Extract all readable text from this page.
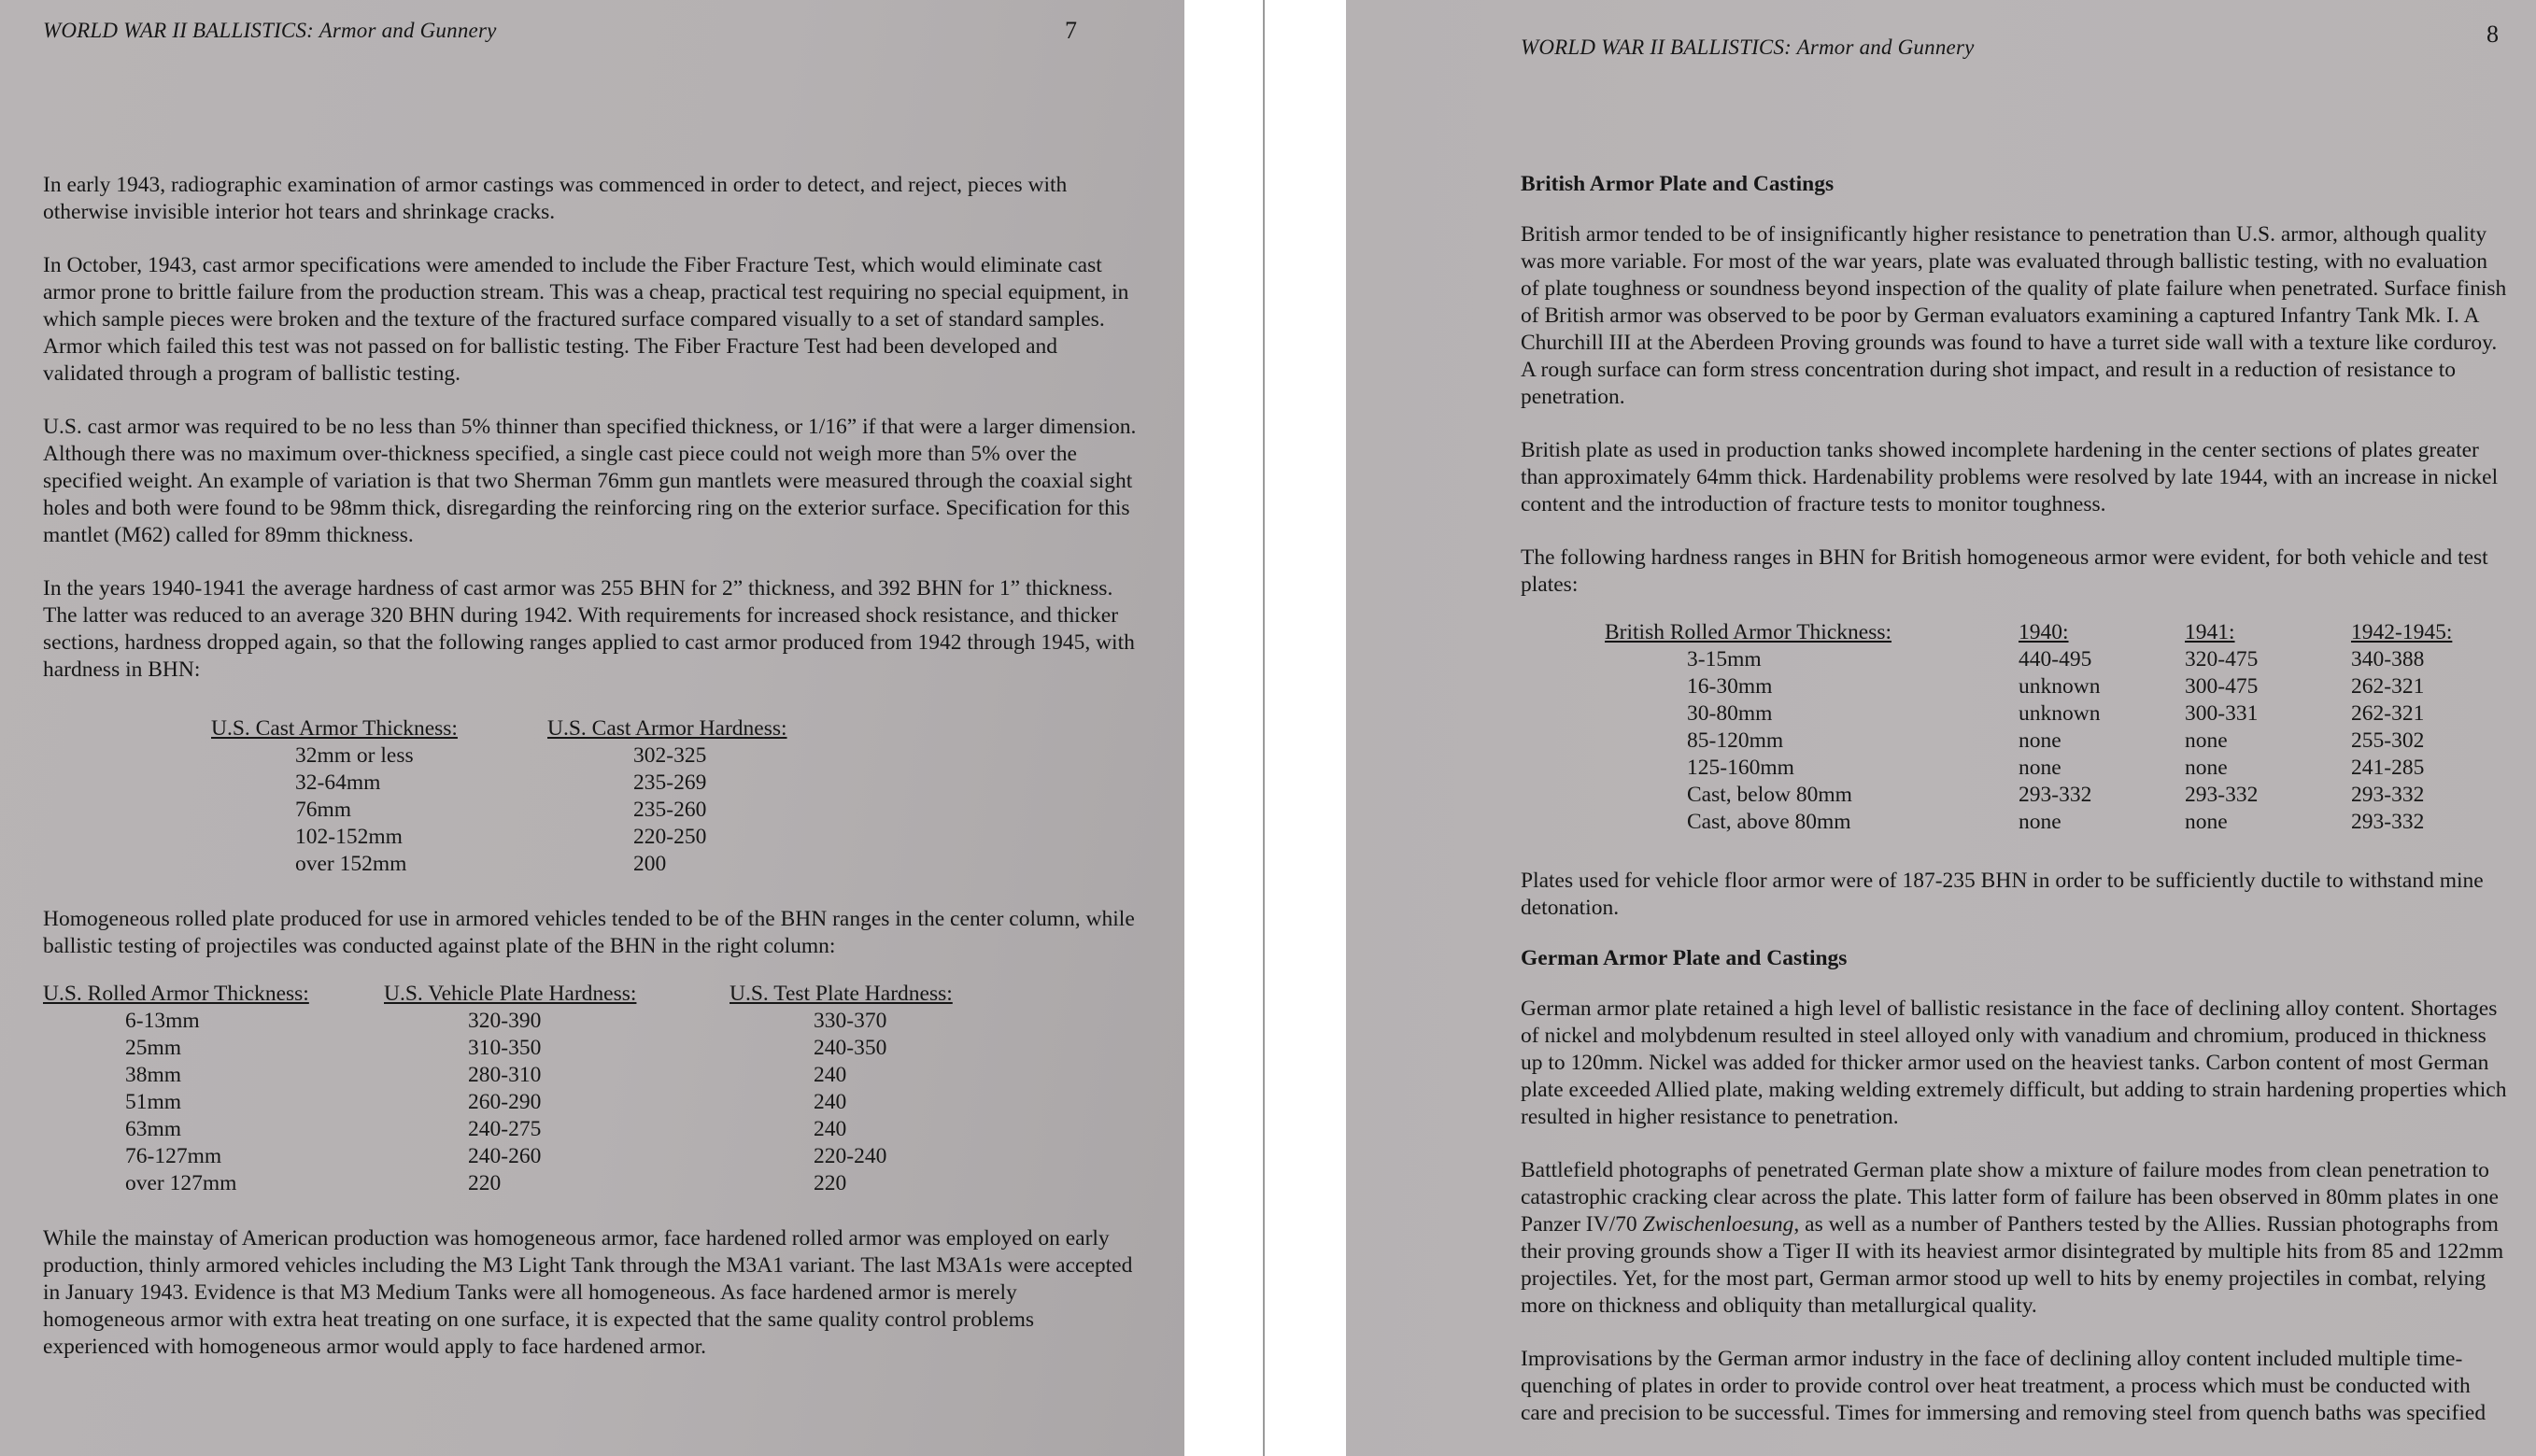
WORLD WAR II BALLISTICS: Armor and Gunnery	7

In early 1943, radiographic examination of armor castings was commenced in order to detect, and reject, pieces with otherwise invisible interior hot tears and shrinkage cracks.

In October, 1943, cast armor specifications were amended to include the Fiber Fracture Test, which would eliminate cast armor prone to brittle failure from the production stream. This was a cheap, practical test requiring no special equipment, in which sample pieces were broken and the texture of the fractured surface compared visually to a set of standard samples. Armor which failed this test was not passed on for ballistic testing. The Fiber Fracture Test had been developed and validated through a program of ballistic testing.

U.S. cast armor was required to be no less than 5% thinner than specified thickness, or 1/16” if that were a larger dimension. Although there was no maximum over-thickness specified, a single cast piece could not weigh more than 5% over the specified weight. An example of variation is that two Sherman 76mm gun mantlets were measured through the coaxial sight holes and both were found to be 98mm thick, disregarding the reinforcing ring on the exterior surface. Specification for this mantlet (M62) called for 89mm thickness.

In the years 1940-1941 the average hardness of cast armor was 255 BHN for 2” thickness, and 392 BHN for 1” thickness. The latter was reduced to an average 320 BHN during 1942. With requirements for increased shock resistance, and thicker sections, hardness dropped again, so that the following ranges applied to cast armor produced from 1942 through 1945, with hardness in BHN:

U.S. Cast Armor Thickness:	U.S. Cast Armor Hardness:
32mm or less	302-325
32-64mm	235-269
76mm	235-260
102-152mm	220-250
over 152mm	200

Homogeneous rolled plate produced for use in armored vehicles tended to be of the BHN ranges in the center column, while ballistic testing of projectiles was conducted against plate of the BHN in the right column:

U.S. Rolled Armor Thickness:	U.S. Vehicle Plate Hardness:	U.S. Test Plate Hardness:
6-13mm	320-390	330-370
25mm	310-350	240-350
38mm	280-310	240
51mm	260-290	240
63mm	240-275	240
76-127mm	240-260	220-240
over 127mm	220	220

While the mainstay of American production was homogeneous armor, face hardened rolled armor was employed on early production, thinly armored vehicles including the M3 Light Tank through the M3A1 variant. The last M3A1s were accepted in January 1943. Evidence is that M3 Medium Tanks were all homogeneous. As face hardened armor is merely homogeneous armor with extra heat treating on one surface, it is expected that the same quality control problems experienced with homogeneous armor would apply to face hardened armor.

WORLD WAR II BALLISTICS: Armor and Gunnery	8
British Armor Plate and Castings

British armor tended to be of insignificantly higher resistance to penetration than U.S. armor, although quality was more variable. For most of the war years, plate was evaluated through ballistic testing, with no evaluation of plate toughness or soundness beyond inspection of the quality of plate failure when penetrated. Surface finish of British armor was observed to be poor by German evaluators examining a captured Infantry Tank Mk. I. A Churchill III at the Aberdeen Proving grounds was found to have a turret side wall with a texture like corduroy. A rough surface can form stress concentration during shot impact, and result in a reduction of resistance to penetration.

British plate as used in production tanks showed incomplete hardening in the center sections of plates greater than approximately 64mm thick. Hardenability problems were resolved by late 1944, with an increase in nickel content and the introduction of fracture tests to monitor toughness.

The following hardness ranges in BHN for British homogeneous armor were evident, for both vehicle and test plates:

British Rolled Armor Thickness:	1940:	1941:	1942-1945:
3-15mm	440-495	320-475	340-388
16-30mm	unknown	300-475	262-321
30-80mm	unknown	300-331	262-321
85-120mm	none	none	255-302
125-160mm	none	none	241-285
Cast, below 80mm	293-332	293-332	293-332
Cast, above 80mm	none	none	293-332

Plates used for vehicle floor armor were of 187-235 BHN in order to be sufficiently ductile to withstand mine detonation.

German Armor Plate and Castings

German armor plate retained a high level of ballistic resistance in the face of declining alloy content. Shortages of nickel and molybdenum resulted in steel alloyed only with vanadium and chromium, produced in thickness up to 120mm. Nickel was added for thicker armor used on the heaviest tanks. Carbon content of most German plate exceeded Allied plate, making welding extremely difficult, but adding to strain hardening properties which resulted in higher resistance to penetration.

Battlefield photographs of penetrated German plate show a mixture of failure modes from clean penetration to catastrophic cracking clear across the plate. This latter form of failure has been observed in 80mm plates in one Panzer IV/70 Zwischenloesung, as well as a number of Panthers tested by the Allies. Russian photographs from their proving grounds show a Tiger II with its heaviest armor disintegrated by multiple hits from 85 and 122mm projectiles. Yet, for the most part, German armor stood up well to hits by enemy projectiles in combat, relying more on thickness and obliquity than metallurgical quality.

Improvisations by the German armor industry in the face of declining alloy content included multiple time-quenching of plates in order to provide control over heat treatment, a process which must be conducted with care and precision to be successful. Times for immersing and removing steel from quench baths was specified
